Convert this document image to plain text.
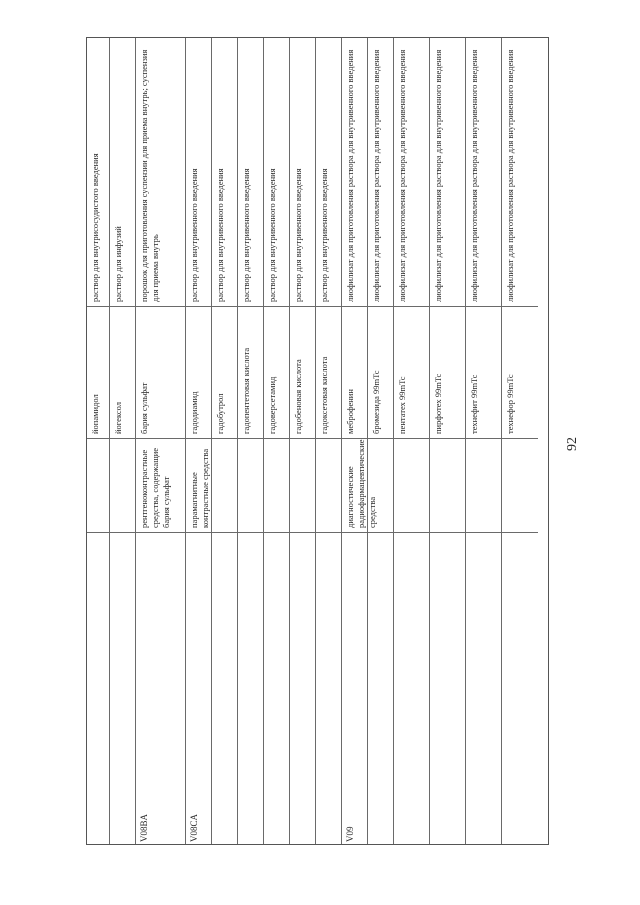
раствор для внутрисосудистого введения
йопамидол
раствор для инфузий
йогексол
порошок для приготовления суспензии для приема внутрь; суспензия для приема внутрь
бария сульфат
рентгеноконтрастные средства, содержащие бария сульфат
V08BA
раствор для внутривенного введения
гадодиамид
парамагнитные контрастные средства
V08CA
раствор для внутривенного введения
гадобутрол
раствор для внутривенного введения
гадопентетовая кислота
раствор для внутривенного введения
гадоверсетамид
раствор для внутривенного введения
гадобеновая кислота
раствор для внутривенного введения
гадоксетовая кислота
лиофилизат для приготовления раствора для внутривенного введения
меброфенин
диагностические радиофармацевтические средства
V09
лиофилизат для приготовления раствора для внутривенного введения
бромезида 99mTc
лиофилизат для приготовления раствора для внутривенного введения
пентатех 99mTc
лиофилизат для приготовления раствора для внутривенного введения
пирфотех 99mTc
лиофилизат для приготовления раствора для внутривенного введения
технефит 99mTc
лиофилизат для приготовления раствора для внутривенного введения
технефор 99mTc
92
